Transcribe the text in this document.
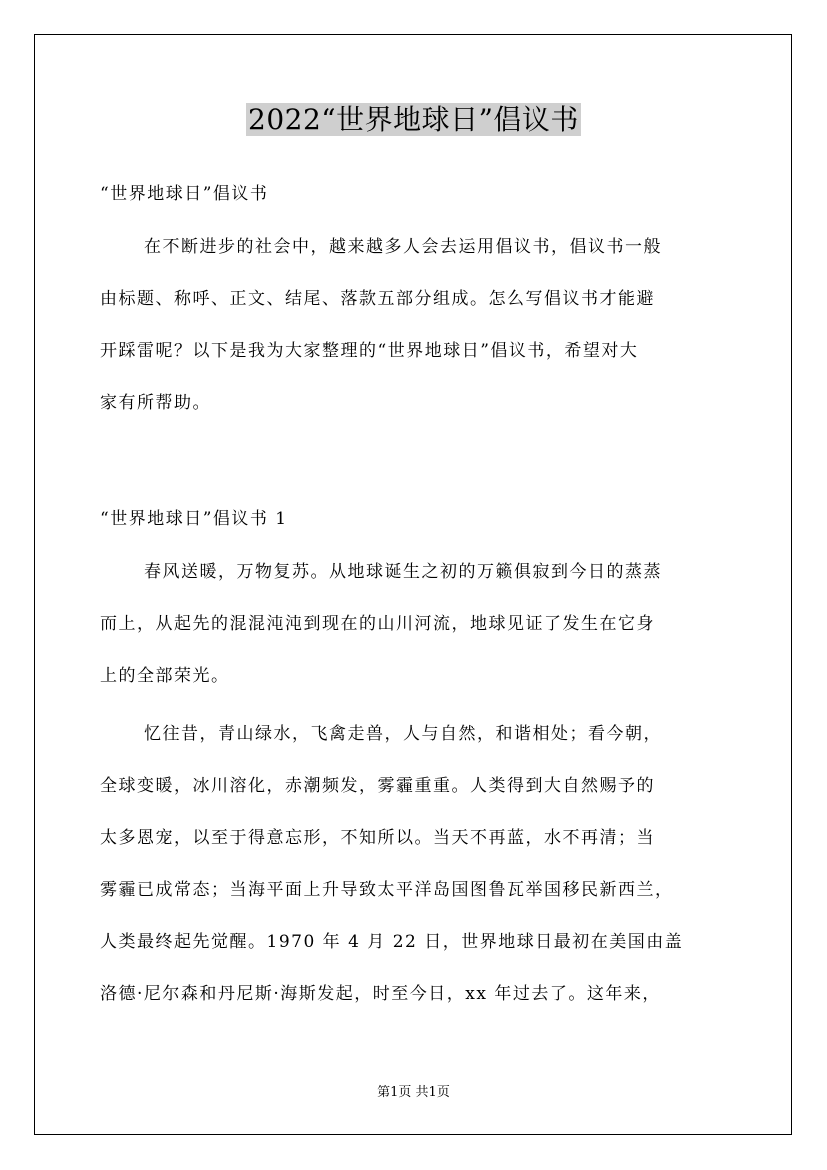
2022“世界地球日”倡议书

“世界地球日”倡议书

在不断进步的社会中，越来越多人会去运用倡议书，倡议书一般
由标题、称呼、正文、结尾、落款五部分组成。怎么写倡议书才能避
开踩雷呢？以下是我为大家整理的“世界地球日”倡议书，希望对大
家有所帮助。

“世界地球日”倡议书 1

春风送暖，万物复苏。从地球诞生之初的万籁俱寂到今日的蒸蒸
而上，从起先的混混沌沌到现在的山川河流，地球见证了发生在它身
上的全部荣光。
忆往昔，青山绿水，飞禽走兽，人与自然，和谐相处；看今朝，
全球变暖，冰川溶化，赤潮频发，雾霾重重。人类得到大自然赐予的
太多恩宠，以至于得意忘形，不知所以。当天不再蓝，水不再清；当
雾霾已成常态；当海平面上升导致太平洋岛国图鲁瓦举国移民新西兰，
人类最终起先觉醒。1970 年 4 月 22 日，世界地球日最初在美国由盖
洛德·尼尔森和丹尼斯·海斯发起，时至今日，xx 年过去了。这年来，

第1页 共1页
